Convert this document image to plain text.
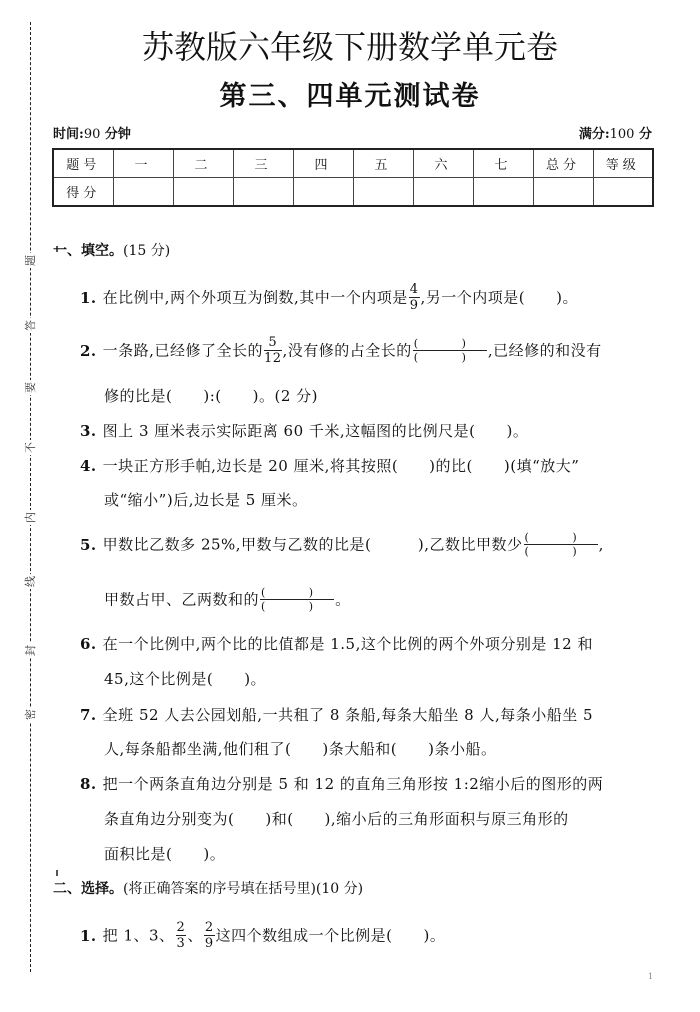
题
答
要
不
内
线
封
密
苏教版六年级下册数学单元卷
第三、四单元测试卷
时间:90 分钟	满分:100 分
题号	一	二	三	四	五	六	七	总分	等级
得分									
一、填空。(15 分)
1. 在比例中,两个外项互为倒数,其中一个内项是 $\frac{4}{9}$ ,另一个内项是(　　)。
2. 一条路,已经修了全长的 $\frac{5}{12}$ ,没有修的占全长的 $\frac{( )}{( )}$ ,已经修的和没有
修的比是(　　):(　　)。(2 分)
3. 图上 3 厘米表示实际距离 60 千米,这幅图的比例尺是(　　)。
4. 一块正方形手帕,边长是 20 厘米,将其按照(　　)的比(　　)(填“放大”
或“缩小”)后,边长是 5 厘米。
5. 甲数比乙数多 25%,甲数与乙数的比是(　　　),乙数比甲数少 $\frac{( )}{( )}$ ,
甲数占甲、乙两数和的 $\frac{( )}{( )}$ 。
6. 在一个比例中,两个比的比值都是 1.5,这个比例的两个外项分别是 12 和
45,这个比例是(　　)。
7. 全班 52 人去公园划船,一共租了 8 条船,每条大船坐 8 人,每条小船坐 5
人,每条船都坐满,他们租了(　　)条大船和(　　)条小船。
8. 把一个两条直角边分别是 5 和 12 的直角三角形按 1:2缩小后的图形的两
条直角边分别变为(　　)和(　　),缩小后的三角形面积与原三角形的
面积比是(　　)。
二、选择。(将正确答案的序号填在括号里)(10 分)
1. 把 1、3、 $\frac{2}{3}$ 、 $\frac{2}{9}$ 这四个数组成一个比例是(　　)。
1
